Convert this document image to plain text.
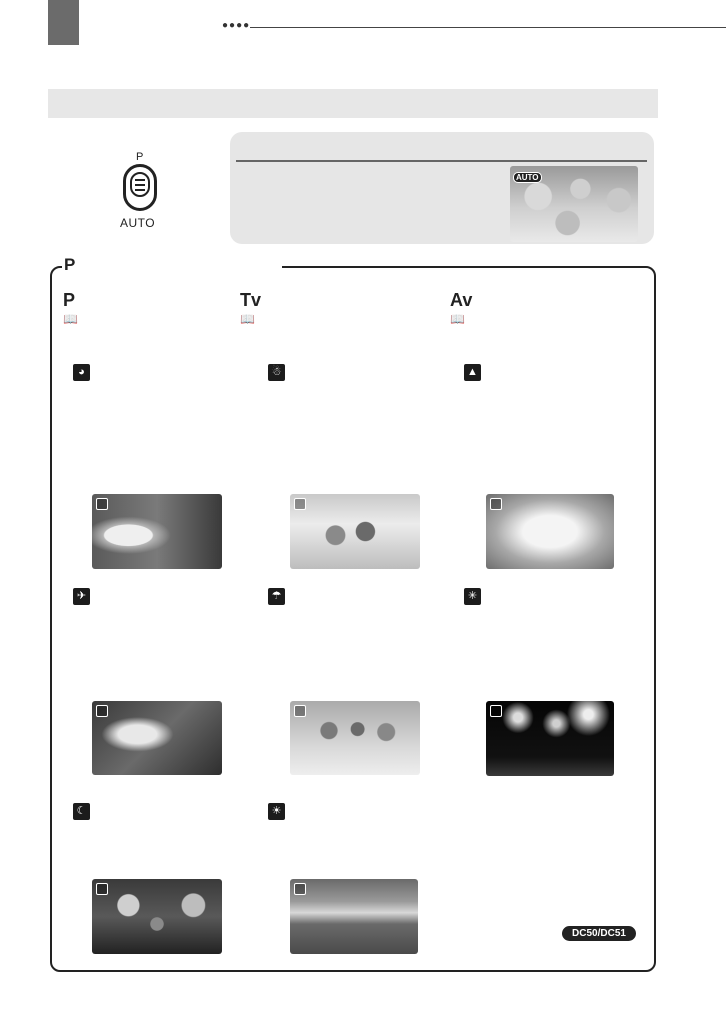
●●●●
P
AUTO
AUTO
P
P
📖
Tv
📖
Av
📖
◕	☃	▲
✈	☂	✳
☾	☀
DC50/DC51
